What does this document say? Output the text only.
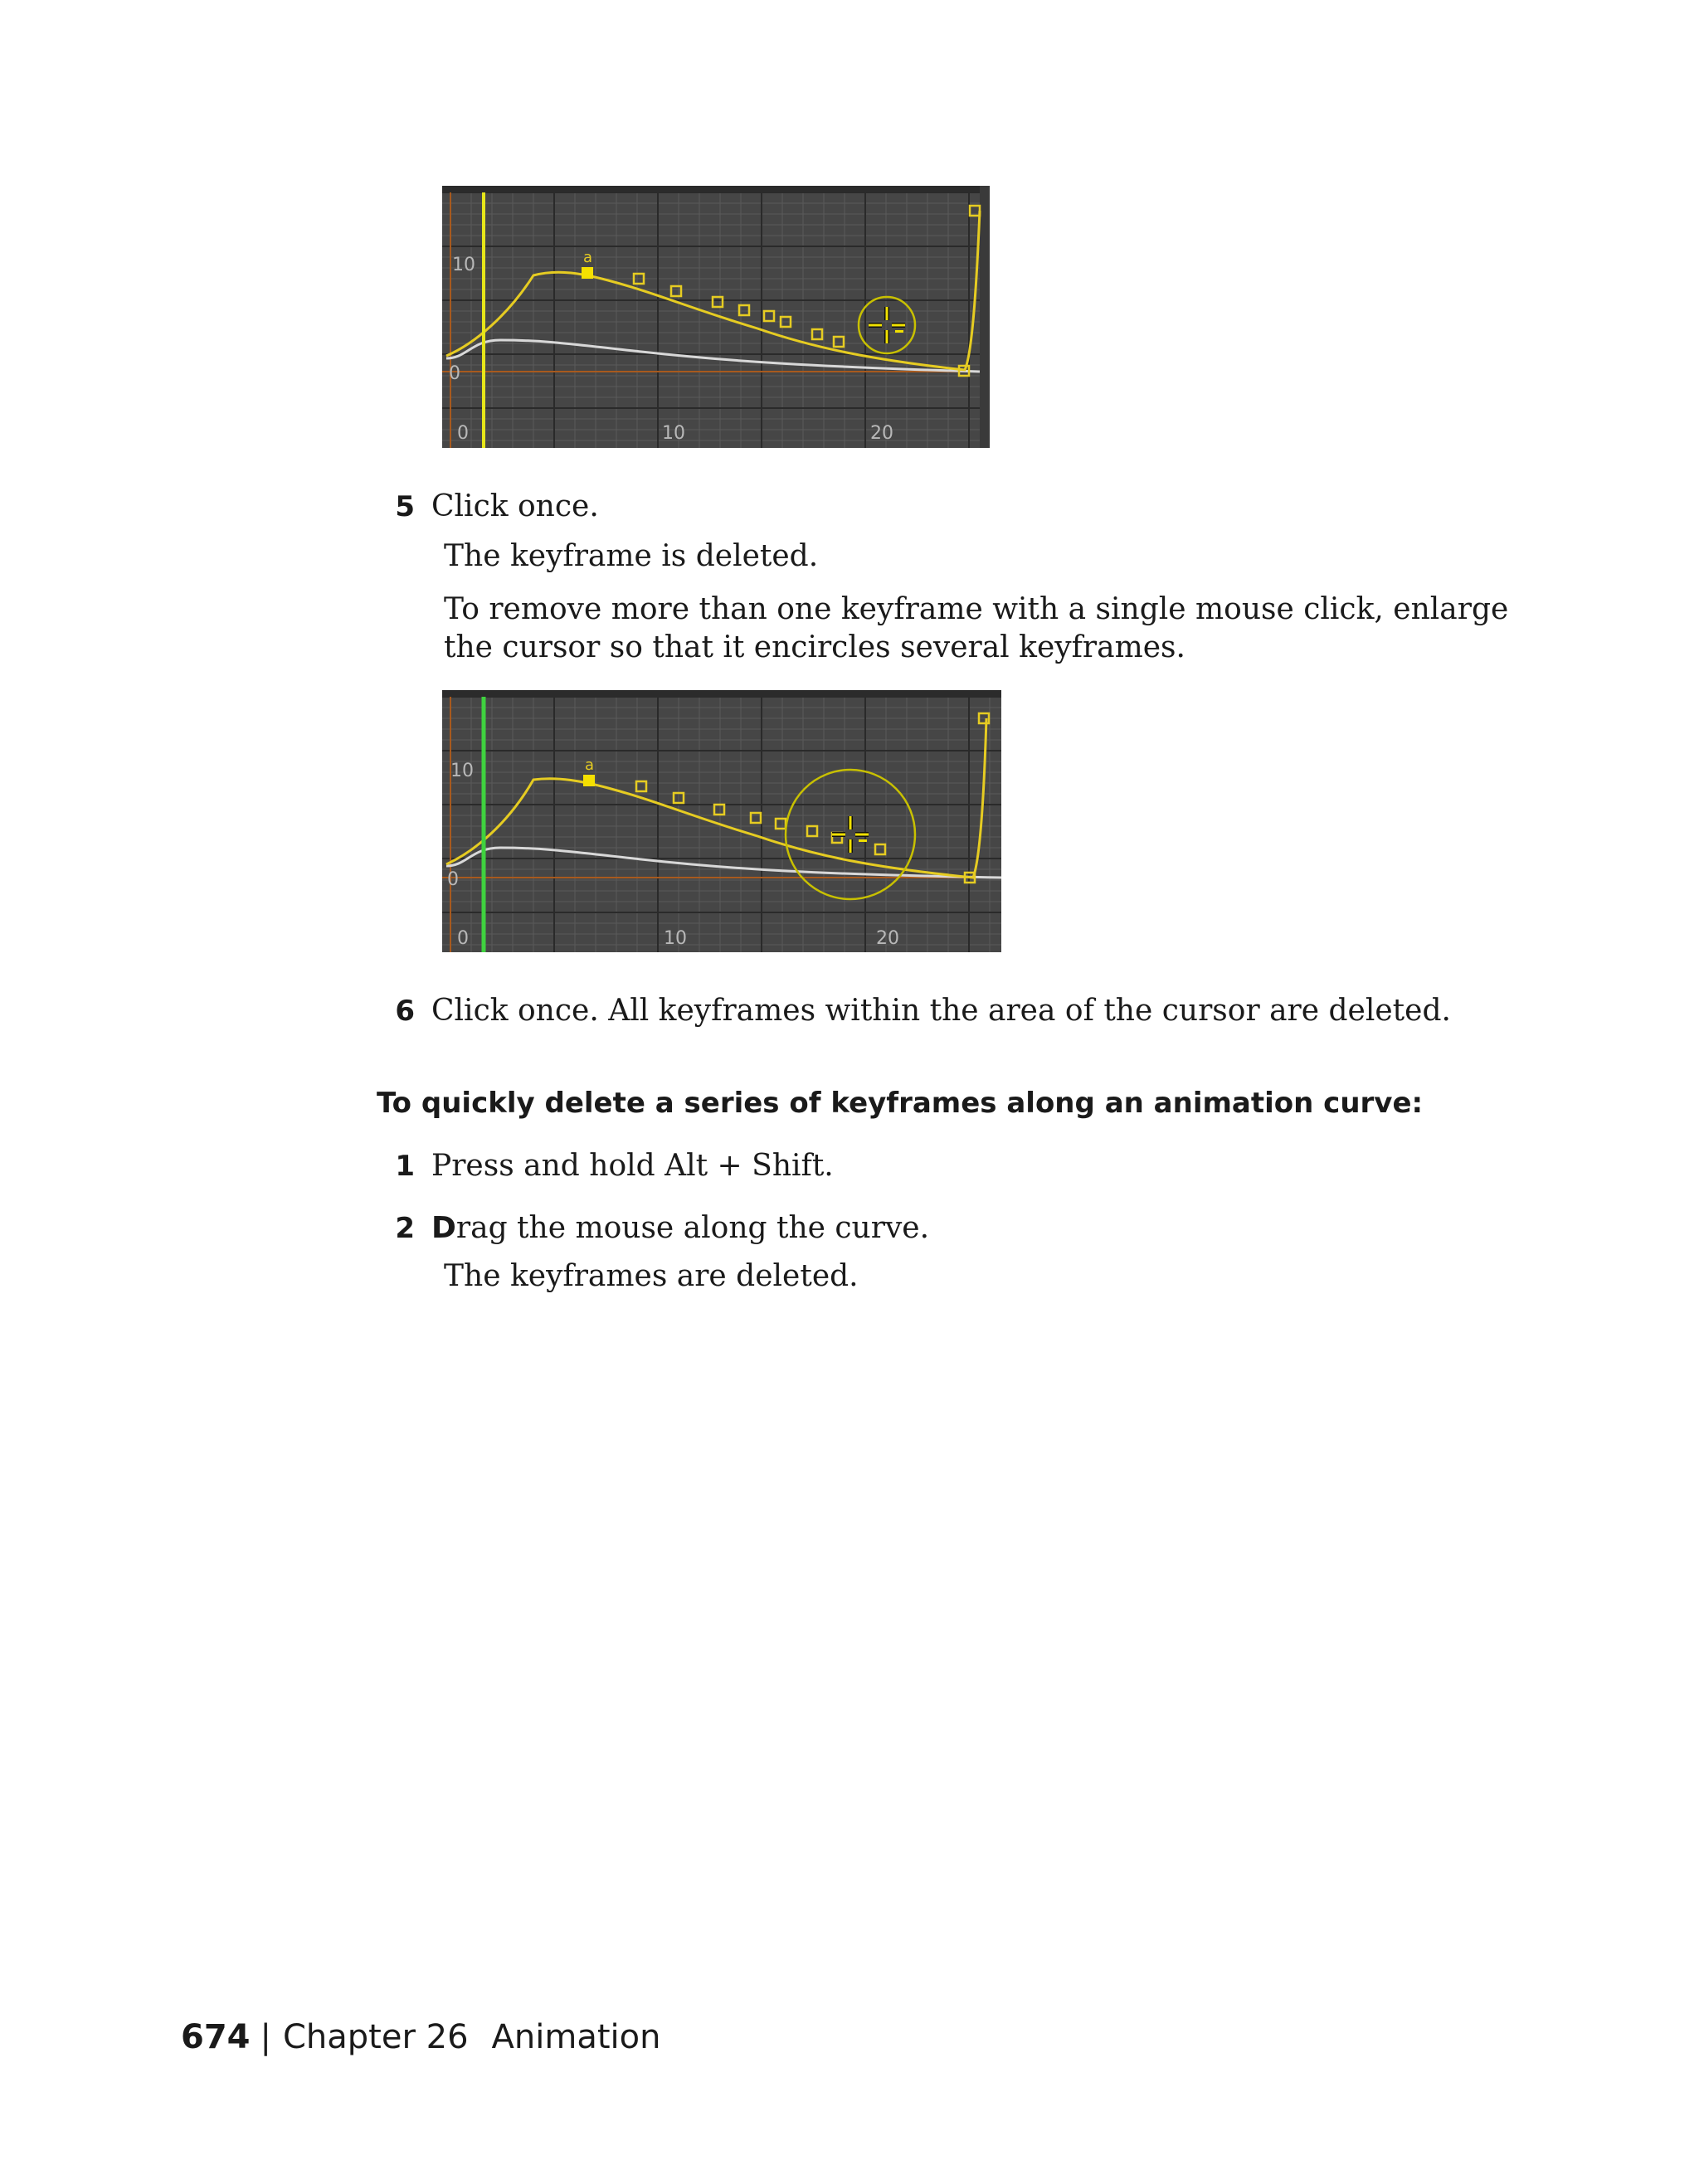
10
0
0	10	20
a
5 Click once.
The keyframe is deleted.
To remove more than one keyframe with a single mouse click, enlarge
the cursor so that it encircles several keyframes.
10
0
0	10	20
a
6 Click once. All keyframes within the area of the cursor are deleted.
To quickly delete a series of keyframes along an animation curve:
1 Press and hold Alt + Shift.
2 Drag the mouse along the curve.
The keyframes are deleted.
674 | Chapter 26 Animation
